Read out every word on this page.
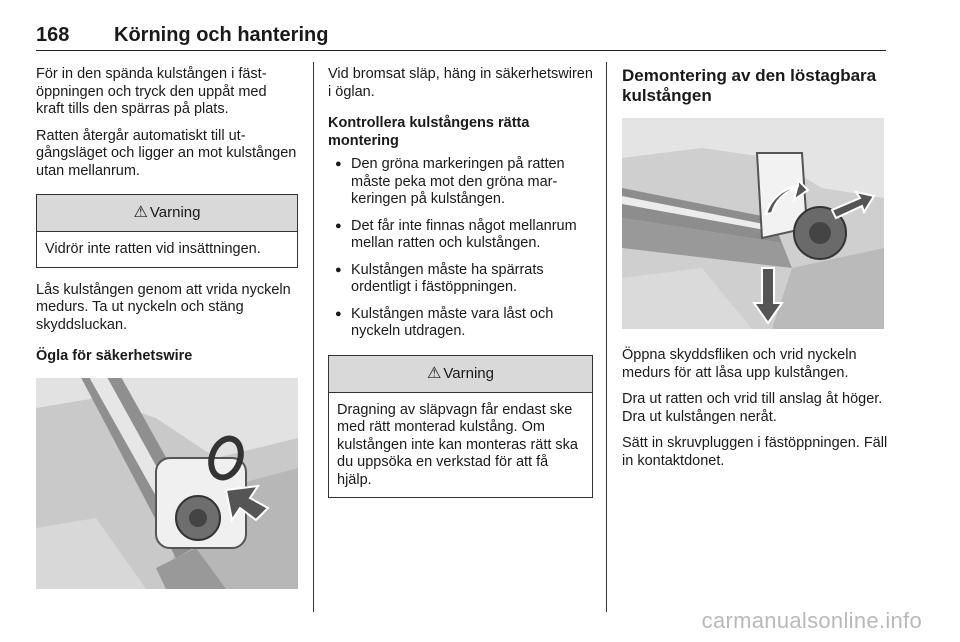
168 Körning och hantering

För in den spända kulstången i fästöppningen och tryck den uppåt med kraft tills den spärras på plats.

Ratten återgår automatiskt till utgångsläget och ligger an mot kulstången utan mellanrum.

⚠ Varning
Vidrör inte ratten vid insättningen.

Lås kulstången genom att vrida nyckeln medurs. Ta ut nyckeln och stäng skyddsluckan.

Ögla för säkerhetswire

Vid bromsat släp, häng in säkerhetswiren i öglan.

Kontrollera kulstångens rätta montering
● Den gröna markeringen på ratten måste peka mot den gröna markeringen på kulstången.
● Det får inte finnas något mellanrum mellan ratten och kulstången.
● Kulstången måste ha spärrats ordentligt i fästöppningen.
● Kulstången måste vara låst och nyckeln utdragen.
⚠ Varning
Dragning av släpvagn får endast ske med rätt monterad kulstång. Om kulstången inte kan monteras rätt ska du uppsöka en verkstad för att få hjälp.
Demontering av den löstagbara kulstången

Öppna skyddsfliken och vrid nyckeln medurs för att låsa upp kulstången.

Dra ut ratten och vrid till anslag åt höger. Dra ut kulstången neråt.

Sätt in skruvpluggen i fästöppningen. Fäll in kontaktdonet.

carmanualsonline.info
